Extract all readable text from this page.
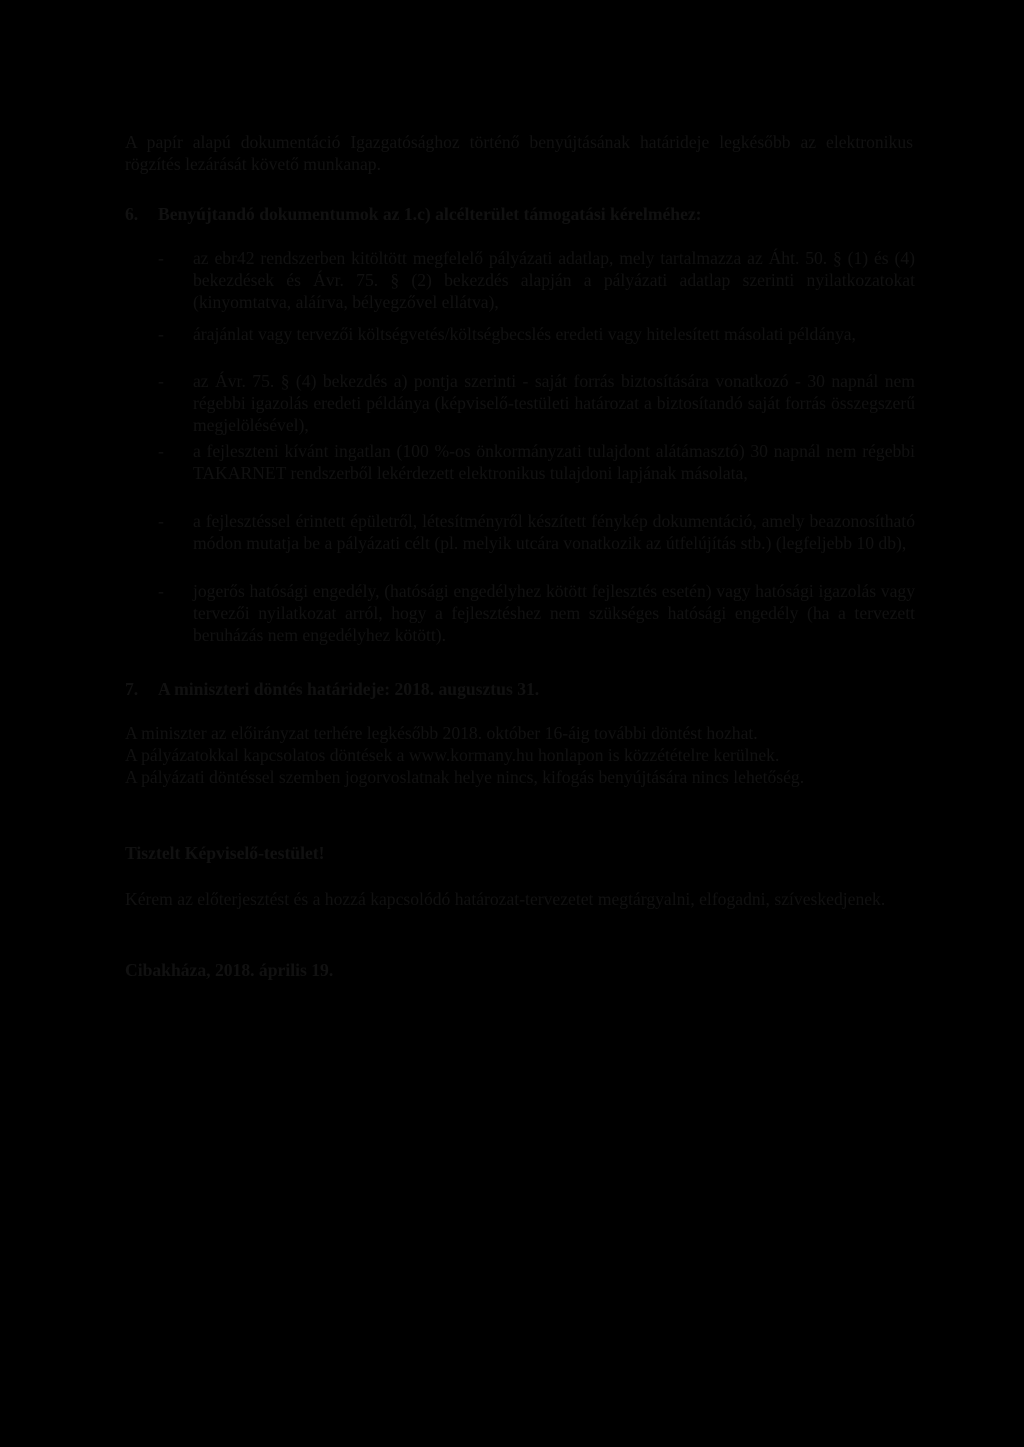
A papír alapú dokumentáció Igazgatósághoz történő benyújtásának határideje legkésőbb az elektronikus rögzítés lezárását követő munkanap.
6. Benyújtandó dokumentumok az 1.c) alcélterület támogatási kérelméhez:
-	az ebr42 rendszerben kitöltött megfelelő pályázati adatlap, mely tartalmazza az Áht. 50. § (1) és (4) bekezdések és Ávr. 75. § (2) bekezdés alapján a pályázati adatlap szerinti nyilatkozatokat (kinyomtatva, aláírva, bélyegzővel ellátva),
-	árajánlat vagy tervezői költségvetés/költségbecslés eredeti vagy hitelesített másolati példánya,
-	az Ávr. 75. § (4) bekezdés a) pontja szerinti - saját forrás biztosítására vonatkozó - 30 napnál nem régebbi igazolás eredeti példánya (képviselő-testületi határozat a biztosítandó saját forrás összegszerű megjelölésével),
-	a fejleszteni kívánt ingatlan (100 %-os önkormányzati tulajdont alátámasztó) 30 napnál nem régebbi TAKARNET rendszerből lekérdezett elektronikus tulajdoni lapjának másolata,
-	a fejlesztéssel érintett épületről, létesítményről készített fénykép dokumentáció, amely beazonosítható módon mutatja be a pályázati célt (pl. melyik utcára vonatkozik az útfelújítás stb.) (legfeljebb 10 db),
-	jogerős hatósági engedély, (hatósági engedélyhez kötött fejlesztés esetén) vagy hatósági igazolás vagy tervezői nyilatkozat arról, hogy a fejlesztéshez nem szükséges hatósági engedély (ha a tervezett beruházás nem engedélyhez kötött).
7. A miniszteri döntés határideje: 2018. augusztus 31.
A miniszter az előirányzat terhére legkésőbb 2018. október 16-áig további döntést hozhat.
A pályázatokkal kapcsolatos döntések a www.kormany.hu honlapon is közzétételre kerülnek.
A pályázati döntéssel szemben jogorvoslatnak helye nincs, kifogás benyújtására nincs lehetőség.
Tisztelt Képviselő-testület!
Kérem az előterjesztést és a hozzá kapcsolódó határozat-tervezetet megtárgyalni, elfogadni, szíveskedjenek.
Cibakháza, 2018. április 19.
